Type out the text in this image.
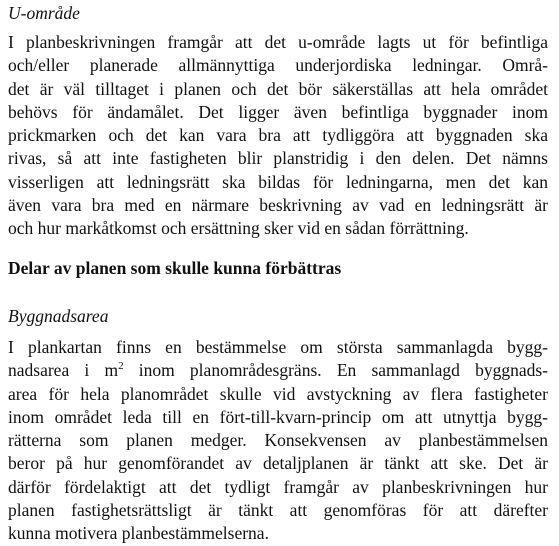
U-område
I planbeskrivningen framgår att det u-område lagts ut för befintliga
och/eller planerade allmännyttiga underjordiska ledningar. Områ-
det är väl tilltaget i planen och det bör säkerställas att hela området
behövs för ändamålet. Det ligger även befintliga byggnader inom
prickmarken och det kan vara bra att tydliggöra att byggnaden ska
rivas, så att inte fastigheten blir planstridig i den delen. Det nämns
visserligen att ledningsrätt ska bildas för ledningarna, men det kan
även vara bra med en närmare beskrivning av vad en ledningsrätt är
och hur markåtkomst och ersättning sker vid en sådan förrättning.
Delar av planen som skulle kunna förbättras
Byggnadsarea
I plankartan finns en bestämmelse om största sammanlagda bygg-
nadsarea i $m^2$ inom planområdesgräns. En sammanlagd byggnads-
area för hela planområdet skulle vid avstyckning av flera fastigheter
inom området leda till en fört-till-kvarn-princip om att utnyttja bygg-
rätterna som planen medger. Konsekvensen av planbestämmelsen
beror på hur genomförandet av detaljplanen är tänkt att ske. Det är
därför fördelaktigt att det tydligt framgår av planbeskrivningen hur
planen fastighetsrättsligt är tänkt att genomföras för att därefter
kunna motivera planbestämmelserna.
